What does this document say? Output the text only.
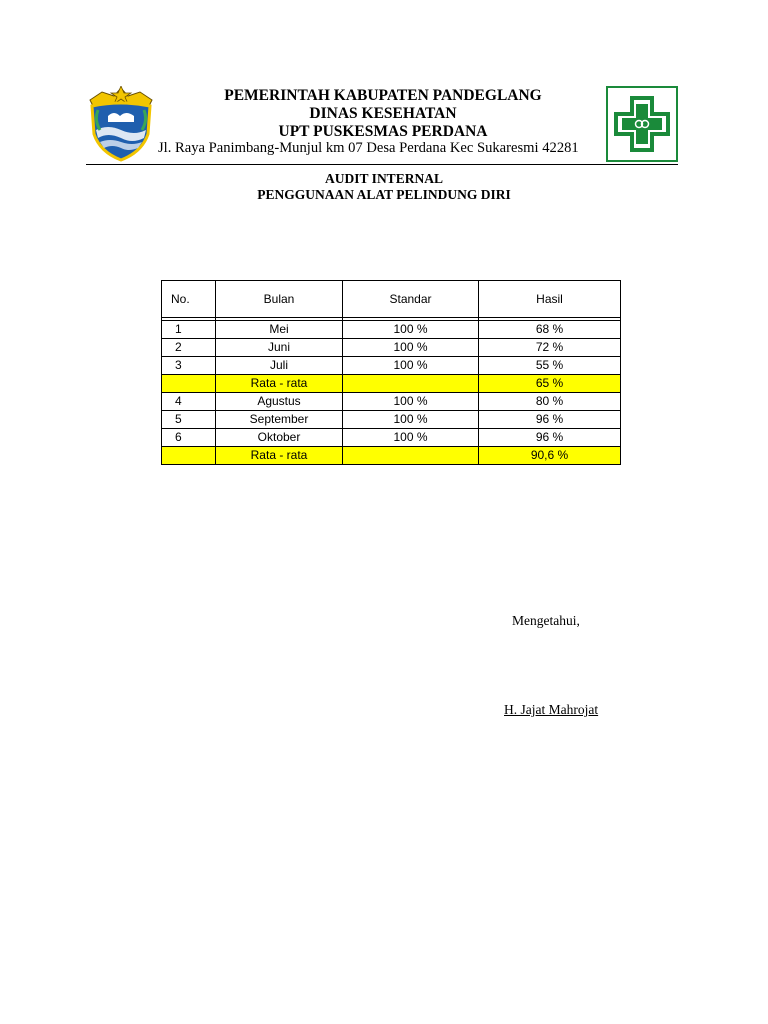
PEMERINTAH KABUPATEN PANDEGLANG
DINAS KESEHATAN
UPT PUSKESMAS PERDANA
Jl. Raya Panimbang-Munjul km 07 Desa Perdana Kec Sukaresmi 42281
AUDIT INTERNAL
PENGGUNAAN ALAT PELINDUNG DIRI
No.	Bulan	Standar	Hasil

1	Mei	100 %	68 %
2	Juni	100 %	72 %
3	Juli	100 %	55 %
	Rata - rata		65 %
4	Agustus	100 %	80 %
5	September	100 %	96 %
6	Oktober	100 %	96 %
	Rata - rata		90,6 %
Mengetahui,
H. Jajat Mahrojat
